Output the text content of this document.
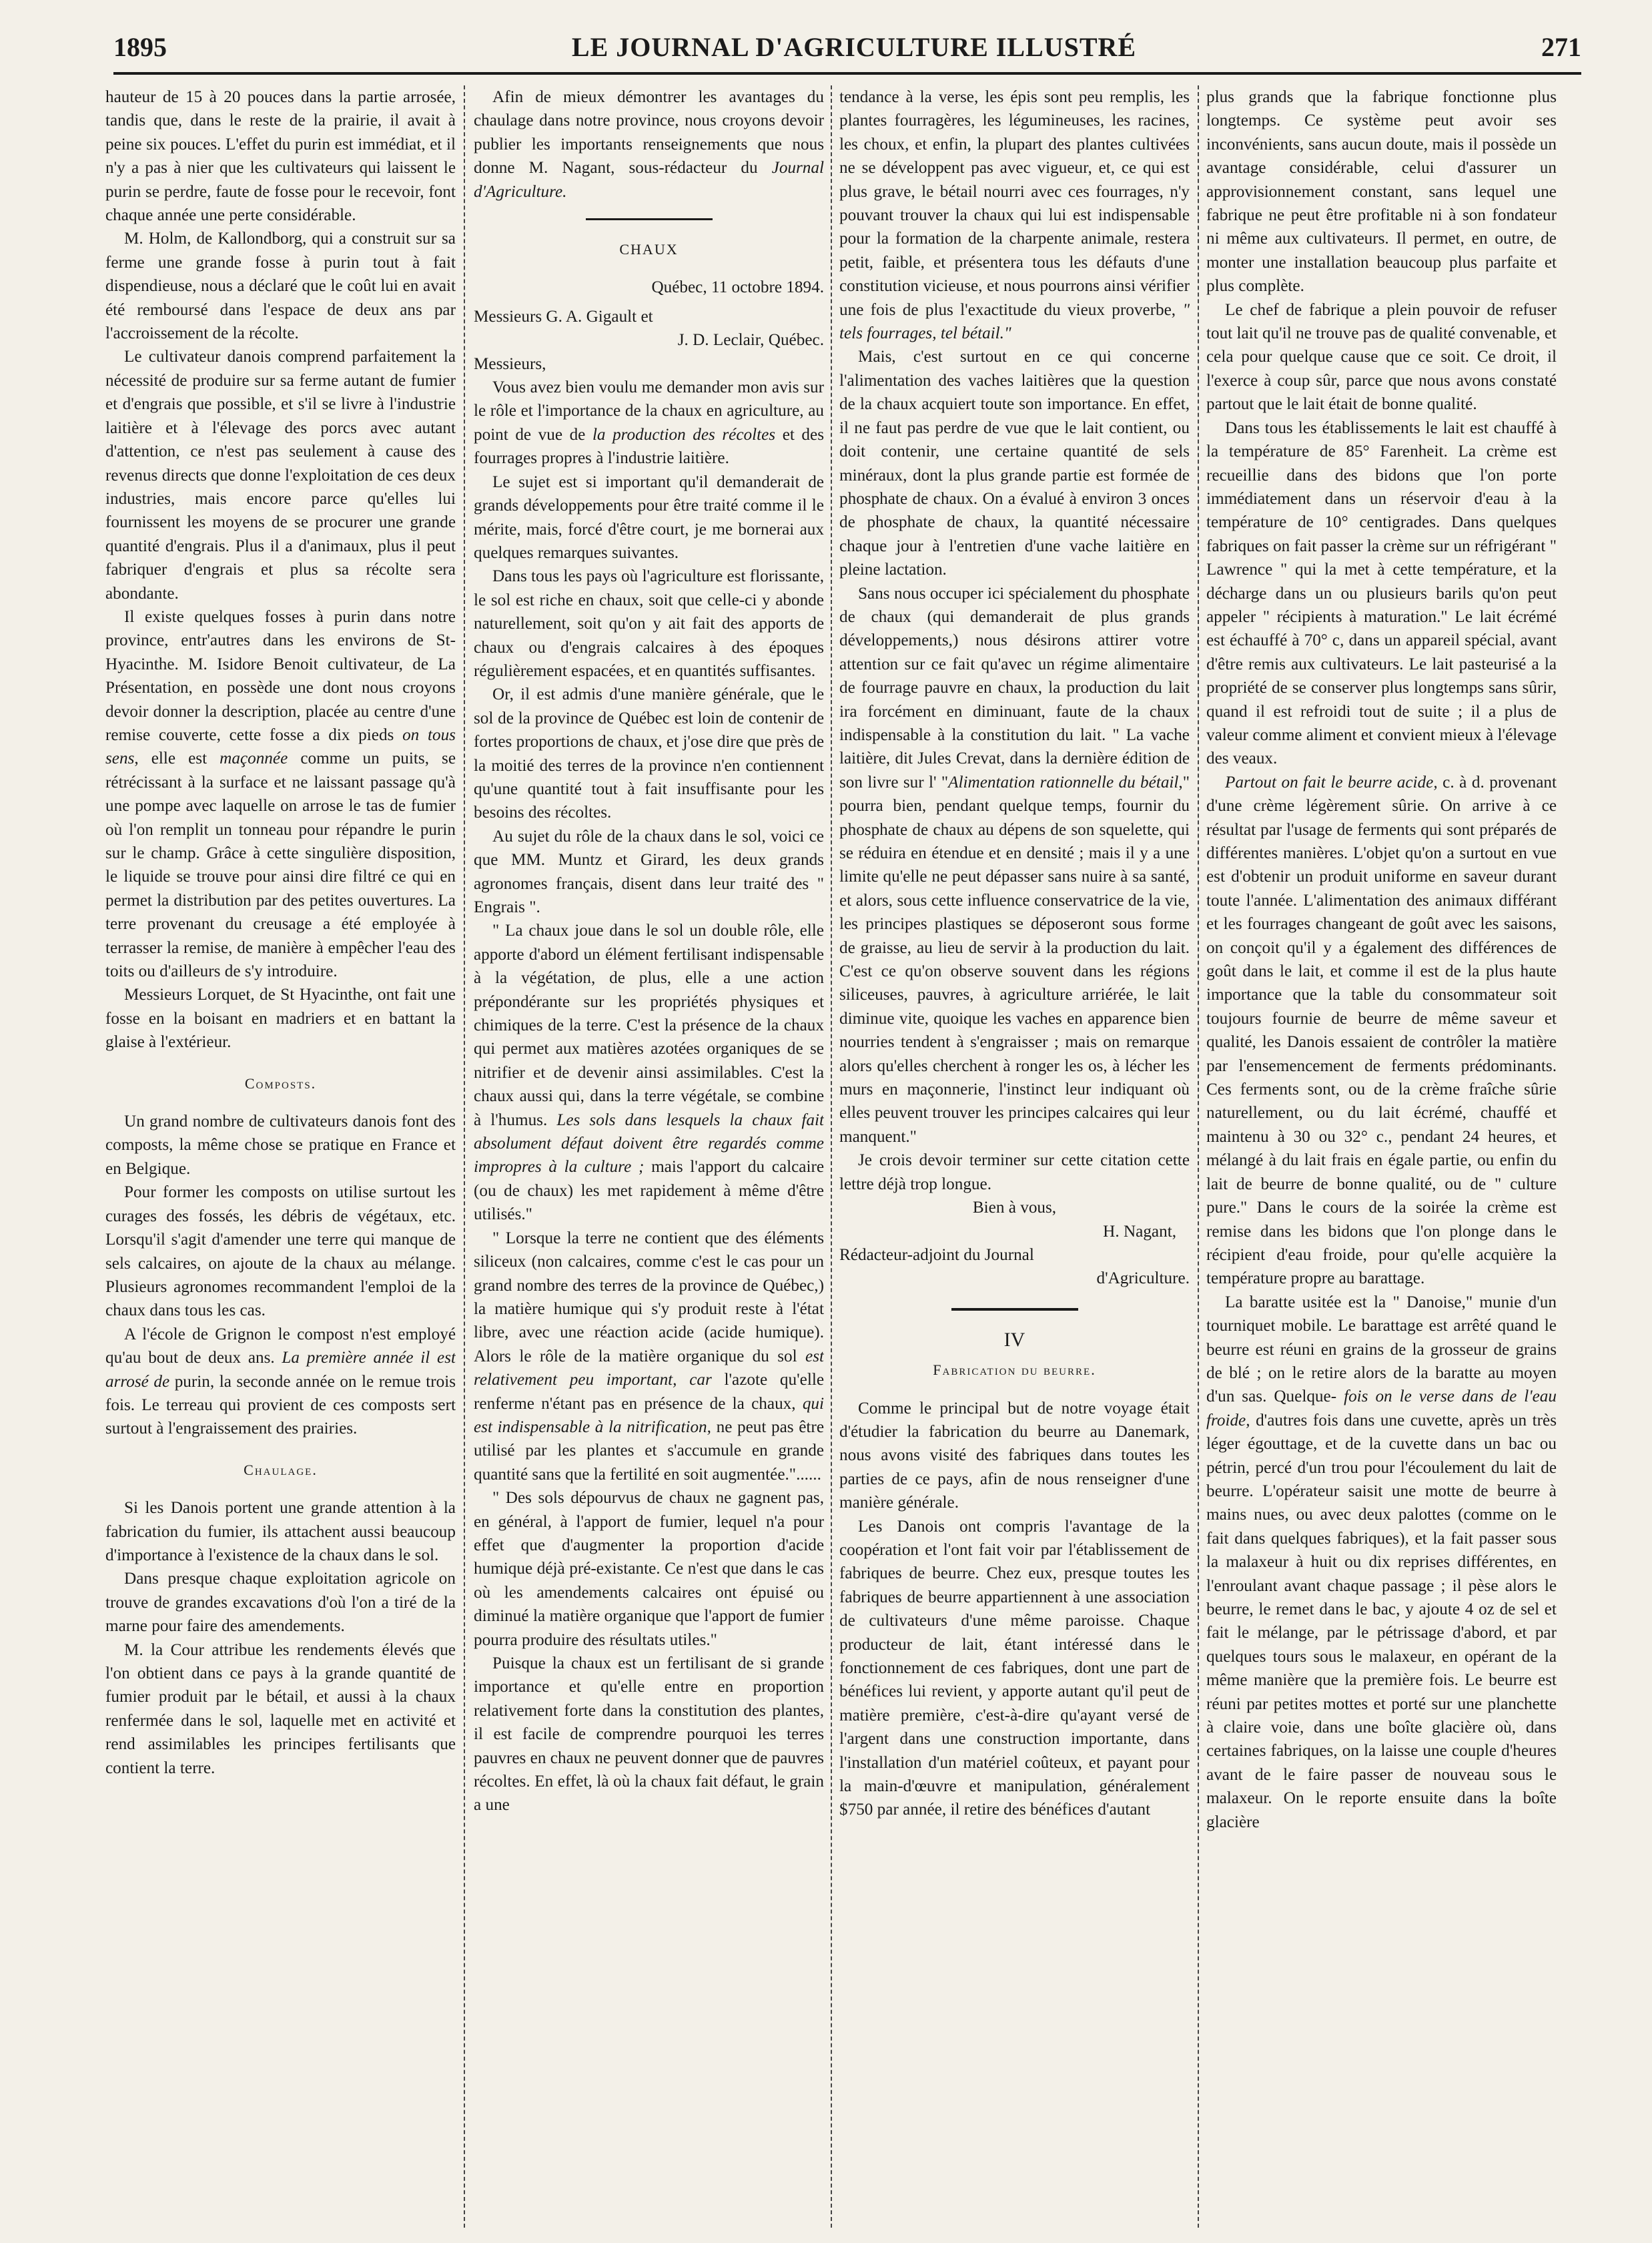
1895	LE JOURNAL D'AGRICULTURE ILLUSTRÉ	271

hauteur de 15 à 20 pouces dans la partie arrosée, tandis que, dans le reste de la prairie, il avait à peine six pouces. L'effet du purin est immédiat, et il n'y a pas à nier que les cultivateurs qui laissent le purin se perdre, faute de fosse pour le recevoir, font chaque année une perte considérable.

M. Holm, de Kallondborg, qui a construit sur sa ferme une grande fosse à purin tout à fait dispendieuse, nous a déclaré que le coût lui en avait été remboursé dans l'espace de deux ans par l'accroissement de la récolte.

Le cultivateur danois comprend parfaitement la nécessité de produire sur sa ferme autant de fumier et d'engrais que possible, et s'il se livre à l'industrie laitière et à l'élevage des porcs avec autant d'attention, ce n'est pas seulement à cause des revenus directs que donne l'exploitation de ces deux industries, mais encore parce qu'elles lui fournissent les moyens de se procurer une grande quantité d'engrais. Plus il a d'animaux, plus il peut fabriquer d'engrais et plus sa récolte sera abondante.

Il existe quelques fosses à purin dans notre province, entr'autres dans les environs de St-Hyacinthe. M. Isidore Benoit cultivateur, de La Présentation, en possède une dont nous croyons devoir donner la description, placée au centre d'une remise couverte, cette fosse a dix pieds on tous sens, elle est maçonnée comme un puits, se rétrécissant à la surface et ne laissant passage qu'à une pompe avec laquelle on arrose le tas de fumier où l'on remplit un tonneau pour répandre le purin sur le champ. Grâce à cette singulière disposition, le liquide se trouve pour ainsi dire filtré ce qui en permet la distribution par des petites ouvertures. La terre provenant du creusage a été employée à terrasser la remise, de manière à empêcher l'eau des toits ou d'ailleurs de s'y introduire.

Messieurs Lorquet, de St Hyacinthe, ont fait une fosse en la boisant en madriers et en battant la glaise à l'extérieur.

Composts.

Un grand nombre de cultivateurs danois font des composts, la même chose se pratique en France et en Belgique.

Pour former les composts on utilise surtout les curages des fossés, les débris de végétaux, etc. Lorsqu'il s'agit d'amender une terre qui manque de sels calcaires, on ajoute de la chaux au mélange. Plusieurs agronomes recommandent l'emploi de la chaux dans tous les cas.

A l'école de Grignon le compost n'est employé qu'au bout de deux ans. La première année il est arrosé de purin, la seconde année on le remue trois fois. Le terreau qui provient de ces composts sert surtout à l'engraissement des prairies.

Chaulage.

Si les Danois portent une grande attention à la fabrication du fumier, ils attachent aussi beaucoup d'importance à l'existence de la chaux dans le sol.

Dans presque chaque exploitation agricole on trouve de grandes excavations d'où l'on a tiré de la marne pour faire des amendements.

M. la Cour attribue les rendements élevés que l'on obtient dans ce pays à la grande quantité de fumier produit par le bétail, et aussi à la chaux renfermée dans le sol, laquelle met en activité et rend assimilables les principes fertilisants que contient la terre.

Afin de mieux démontrer les avantages du chaulage dans notre province, nous croyons devoir publier les importants renseignements que nous donne M. Nagant, sous-rédacteur du Journal d'Agriculture.

CHAUX

Québec, 11 octobre 1894.

Messieurs G. A. Gigault et

J. D. Leclair, Québec.

Messieurs,

Vous avez bien voulu me demander mon avis sur le rôle et l'importance de la chaux en agriculture, au point de vue de la production des récoltes et des fourrages propres à l'industrie laitière.

Le sujet est si important qu'il demanderait de grands développements pour être traité comme il le mérite, mais, forcé d'être court, je me bornerai aux quelques remarques suivantes.

Dans tous les pays où l'agriculture est florissante, le sol est riche en chaux, soit que celle-ci y abonde naturellement, soit qu'on y ait fait des apports de chaux ou d'engrais calcaires à des époques régulièrement espacées, et en quantités suffisantes.

Or, il est admis d'une manière générale, que le sol de la province de Québec est loin de contenir de fortes proportions de chaux, et j'ose dire que près de la moitié des terres de la province n'en contiennent qu'une quantité tout à fait insuffisante pour les besoins des récoltes.

Au sujet du rôle de la chaux dans le sol, voici ce que MM. Muntz et Girard, les deux grands agronomes français, disent dans leur traité des " Engrais ".

" La chaux joue dans le sol un double rôle, elle apporte d'abord un élément fertilisant indispensable à la végétation, de plus, elle a une action prépondérante sur les propriétés physiques et chimiques de la terre. C'est la présence de la chaux qui permet aux matières azotées organiques de se nitrifier et de devenir ainsi assimilables. C'est la chaux aussi qui, dans la terre végétale, se combine à l'humus. Les sols dans lesquels la chaux fait absolument défaut doivent être regardés comme impropres à la culture ; mais l'apport du calcaire (ou de chaux) les met rapidement à même d'être utilisés."

" Lorsque la terre ne contient que des éléments siliceux (non calcaires, comme c'est le cas pour un grand nombre des terres de la province de Québec,) la matière humique qui s'y produit reste à l'état libre, avec une réaction acide (acide humique). Alors le rôle de la matière organique du sol est relativement peu important, car l'azote qu'elle renferme n'étant pas en présence de la chaux, qui est indispensable à la nitrification, ne peut pas être utilisé par les plantes et s'accumule en grande quantité sans que la fertilité en soit augmentée."......

" Des sols dépourvus de chaux ne gagnent pas, en général, à l'apport de fumier, lequel n'a pour effet que d'augmenter la proportion d'acide humique déjà pré-existante. Ce n'est que dans le cas où les amendements calcaires ont épuisé ou diminué la matière organique que l'apport de fumier pourra produire des résultats utiles."

Puisque la chaux est un fertilisant de si grande importance et qu'elle entre en proportion relativement forte dans la constitution des plantes, il est facile de comprendre pourquoi les terres pauvres en chaux ne peuvent donner que de pauvres récoltes. En effet, là où la chaux fait défaut, le grain a une

tendance à la verse, les épis sont peu remplis, les plantes fourragères, les légumineuses, les racines, les choux, et enfin, la plupart des plantes cultivées ne se développent pas avec vigueur, et, ce qui est plus grave, le bétail nourri avec ces fourrages, n'y pouvant trouver la chaux qui lui est indispensable pour la formation de la charpente animale, restera petit, faible, et présentera tous les défauts d'une constitution vicieuse, et nous pourrons ainsi vérifier une fois de plus l'exactitude du vieux proverbe, " tels fourrages, tel bétail."

Mais, c'est surtout en ce qui concerne l'alimentation des vaches laitières que la question de la chaux acquiert toute son importance. En effet, il ne faut pas perdre de vue que le lait contient, ou doit contenir, une certaine quantité de sels minéraux, dont la plus grande partie est formée de phosphate de chaux. On a évalué à environ 3 onces de phosphate de chaux, la quantité nécessaire chaque jour à l'entretien d'une vache laitière en pleine lactation.

Sans nous occuper ici spécialement du phosphate de chaux (qui demanderait de plus grands développements,) nous désirons attirer votre attention sur ce fait qu'avec un régime alimentaire de fourrage pauvre en chaux, la production du lait ira forcément en diminuant, faute de la chaux indispensable à la constitution du lait. " La vache laitière, dit Jules Crevat, dans la dernière édition de son livre sur l' "Alimentation rationnelle du bétail," pourra bien, pendant quelque temps, fournir du phosphate de chaux au dépens de son squelette, qui se réduira en étendue et en densité ; mais il y a une limite qu'elle ne peut dépasser sans nuire à sa santé, et alors, sous cette influence conservatrice de la vie, les principes plastiques se déposeront sous forme de graisse, au lieu de servir à la production du lait. C'est ce qu'on observe souvent dans les régions siliceuses, pauvres, à agriculture arriérée, le lait diminue vite, quoique les vaches en apparence bien nourries tendent à s'engraisser ; mais on remarque alors qu'elles cherchent à ronger les os, à lécher les murs en maçonnerie, l'instinct leur indiquant où elles peuvent trouver les principes calcaires qui leur manquent."

Je crois devoir terminer sur cette citation cette lettre déjà trop longue.

Bien à vous,

H. Nagant,

Rédacteur-adjoint du Journal

d'Agriculture.

IV

Fabrication du beurre.

Comme le principal but de notre voyage était d'étudier la fabrication du beurre au Danemark, nous avons visité des fabriques dans toutes les parties de ce pays, afin de nous renseigner d'une manière générale.

Les Danois ont compris l'avantage de la coopération et l'ont fait voir par l'établissement de fabriques de beurre. Chez eux, presque toutes les fabriques de beurre appartiennent à une association de cultivateurs d'une même paroisse. Chaque producteur de lait, étant intéressé dans le fonctionnement de ces fabriques, dont une part de bénéfices lui revient, y apporte autant qu'il peut de matière première, c'est-à-dire qu'ayant versé de l'argent dans une construction importante, dans l'installation d'un matériel coûteux, et payant pour la main-d'œuvre et manipulation, généralement $750 par année, il retire des bénéfices d'autant

plus grands que la fabrique fonctionne plus longtemps. Ce système peut avoir ses inconvénients, sans aucun doute, mais il possède un avantage considérable, celui d'assurer un approvisionnement constant, sans lequel une fabrique ne peut être profitable ni à son fondateur ni même aux cultivateurs. Il permet, en outre, de monter une installation beaucoup plus parfaite et plus complète.

Le chef de fabrique a plein pouvoir de refuser tout lait qu'il ne trouve pas de qualité convenable, et cela pour quelque cause que ce soit. Ce droit, il l'exerce à coup sûr, parce que nous avons constaté partout que le lait était de bonne qualité.

Dans tous les établissements le lait est chauffé à la température de 85° Farenheit. La crème est recueillie dans des bidons que l'on porte immédiatement dans un réservoir d'eau à la température de 10° centigrades. Dans quelques fabriques on fait passer la crème sur un réfrigérant " Lawrence " qui la met à cette température, et la décharge dans un ou plusieurs barils qu'on peut appeler " récipients à maturation." Le lait écrémé est échauffé à 70° c, dans un appareil spécial, avant d'être remis aux cultivateurs. Le lait pasteurisé a la propriété de se conserver plus longtemps sans sûrir, quand il est refroidi tout de suite ; il a plus de valeur comme aliment et convient mieux à l'élevage des veaux.

Partout on fait le beurre acide, c. à d. provenant d'une crème légèrement sûrie. On arrive à ce résultat par l'usage de ferments qui sont préparés de différentes manières. L'objet qu'on a surtout en vue est d'obtenir un produit uniforme en saveur durant toute l'année. L'alimentation des animaux différant et les fourrages changeant de goût avec les saisons, on conçoit qu'il y a également des différences de goût dans le lait, et comme il est de la plus haute importance que la table du consommateur soit toujours fournie de beurre de même saveur et qualité, les Danois essaient de contrôler la matière par l'ensemencement de ferments prédominants. Ces ferments sont, ou de la crème fraîche sûrie naturellement, ou du lait écrémé, chauffé et maintenu à 30 ou 32° c., pendant 24 heures, et mélangé à du lait frais en égale partie, ou enfin du lait de beurre de bonne qualité, ou de " culture pure." Dans le cours de la soirée la crème est remise dans les bidons que l'on plonge dans le récipient d'eau froide, pour qu'elle acquière la température propre au barattage.

La baratte usitée est la " Danoise," munie d'un tourniquet mobile. Le barattage est arrêté quand le beurre est réuni en grains de la grosseur de grains de blé ; on le retire alors de la baratte au moyen d'un sas. Quelque- fois on le verse dans de l'eau froide, d'autres fois dans une cuvette, après un très léger égouttage, et de la cuvette dans un bac ou pétrin, percé d'un trou pour l'écoulement du lait de beurre. L'opérateur saisit une motte de beurre à mains nues, ou avec deux palottes (comme on le fait dans quelques fabriques), et la fait passer sous la malaxeur à huit ou dix reprises différentes, en l'enroulant avant chaque passage ; il pèse alors le beurre, le remet dans le bac, y ajoute 4 oz de sel et fait le mélange, par le pétrissage d'abord, et par quelques tours sous le malaxeur, en opérant de la même manière que la première fois. Le beurre est réuni par petites mottes et porté sur une planchette à claire voie, dans une boîte glacière où, dans certaines fabriques, on la laisse une couple d'heures avant de le faire passer de nouveau sous le malaxeur. On le reporte ensuite dans la boîte glacière
